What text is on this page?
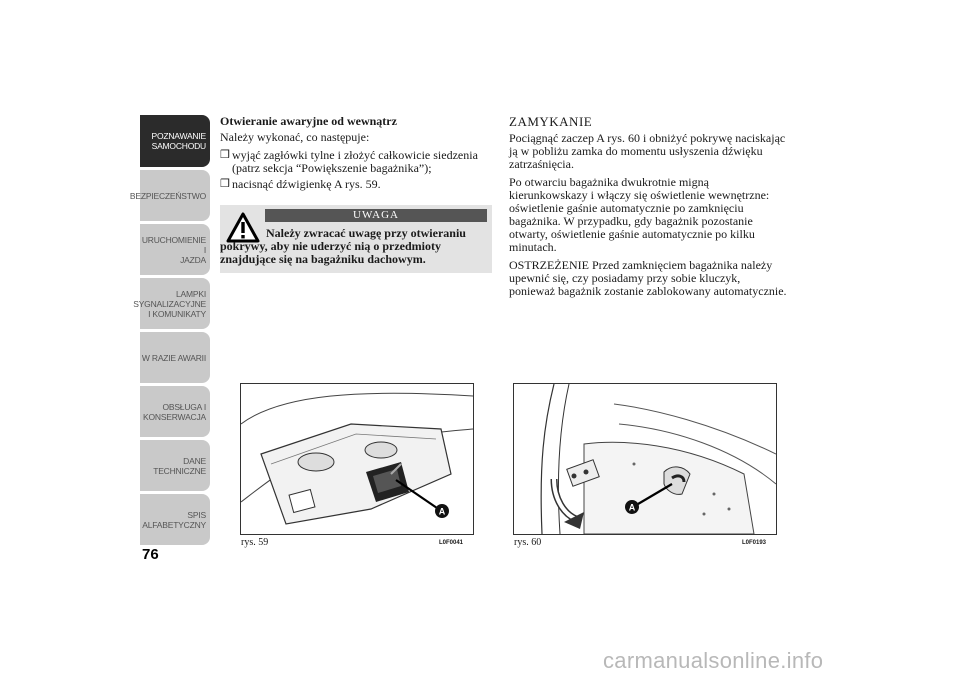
POZNAWANIE
SAMOCHODU
BEZPIECZEŃSTWO
URUCHOMIENIE I
JAZDA
LAMPKI
SYGNALIZACYJNE
I KOMUNIKATY
W RAZIE AWARII
OBSŁUGA I
KONSERWACJA
DANE
TECHNICZNE
SPIS
ALFABETYCZNY
76
Otwieranie awaryjne od wewnątrz

Należy wykonać, co następuje:

❒ wyjąć zagłówki tylne i złożyć całkowicie siedzenia (patrz sekcja “Powiększenie bagażnika”);
❒ nacisnąć dźwigienkę A rys. 59.
UWAGA
Należy zwracać uwagę przy otwieraniu pokrywy, aby nie uderzyć nią o przedmioty znajdujące się na bagażniku dachowym.
ZAMYKANIE

Pociągnąć zaczep A rys. 60 i obniżyć pokrywę naciskając ją w pobliżu zamka do momentu usłyszenia dźwięku zatrzaśnięcia.

Po otwarciu bagażnika dwukrotnie migną kierunkowskazy i włączy się oświetlenie wewnętrzne: oświetlenie gaśnie automatycznie po zamknięciu bagażnika. W przypadku, gdy bagażnik pozostanie otwarty, oświetlenie gaśnie automatycznie po kilku minutach.

OSTRZEŻENIE Przed zamknięciem bagażnika należy upewnić się, czy posiadamy przy sobie kluczyk, ponieważ bagażnik zostanie zablokowany automatycznie.

A
rys. 59	L0F0041
A
rys. 60	L0F0193
carmanualsonline.info
